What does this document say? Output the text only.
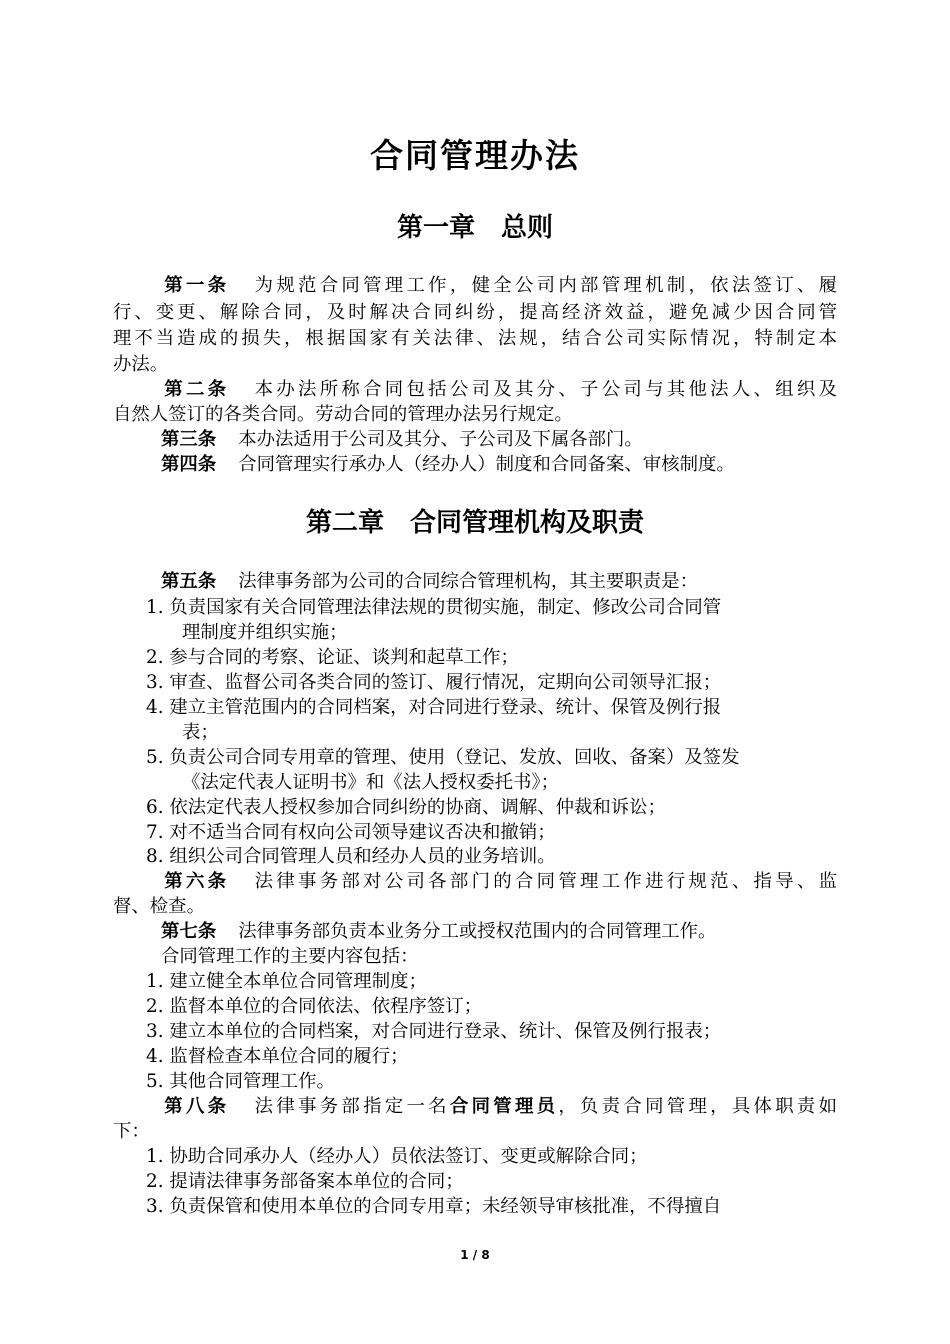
合同管理办法
第一章　总则
第一条 为规范合同管理工作，健全公司内部管理机制，依法签订、履
行、变更、解除合同，及时解决合同纠纷，提高经济效益，避免减少因合同管
理不当造成的损失，根据国家有关法律、法规，结合公司实际情况，特制定本
办法。
第二条 本办法所称合同包括公司及其分、子公司与其他法人、组织及
自然人签订的各类合同。劳动合同的管理办法另行规定。
第三条 本办法适用于公司及其分、子公司及下属各部门。
第四条 合同管理实行承办人（经办人）制度和合同备案、审核制度。
第二章　合同管理机构及职责
第五条 法律事务部为公司的合同综合管理机构，其主要职责是：
1. 负责国家有关合同管理法律法规的贯彻实施，制定、修改公司合同管
理制度并组织实施；
2. 参与合同的考察、论证、谈判和起草工作；
3. 审查、监督公司各类合同的签订、履行情况，定期向公司领导汇报；
4. 建立主管范围内的合同档案，对合同进行登录、统计、保管及例行报
表；
5. 负责公司合同专用章的管理、使用（登记、发放、回收、备案）及签发
《法定代表人证明书》和《法人授权委托书》；
6. 依法定代表人授权参加合同纠纷的协商、调解、仲裁和诉讼；
7. 对不适当合同有权向公司领导建议否决和撤销；
8. 组织公司合同管理人员和经办人员的业务培训。
第六条 法律事务部对公司各部门的合同管理工作进行规范、指导、监
督、检查。
第七条 法律事务部负责本业务分工或授权范围内的合同管理工作。
合同管理工作的主要内容包括：
1. 建立健全本单位合同管理制度；
2. 监督本单位的合同依法、依程序签订；
3. 建立本单位的合同档案，对合同进行登录、统计、保管及例行报表；
4. 监督检查本单位合同的履行；
5. 其他合同管理工作。
第八条 法律事务部指定一名合同管理员，负责合同管理，具体职责如
下：
1. 协助合同承办人（经办人）员依法签订、变更或解除合同；
2. 提请法律事务部备案本单位的合同；
3. 负责保管和使用本单位的合同专用章；未经领导审核批准，不得擅自
1 / 8
